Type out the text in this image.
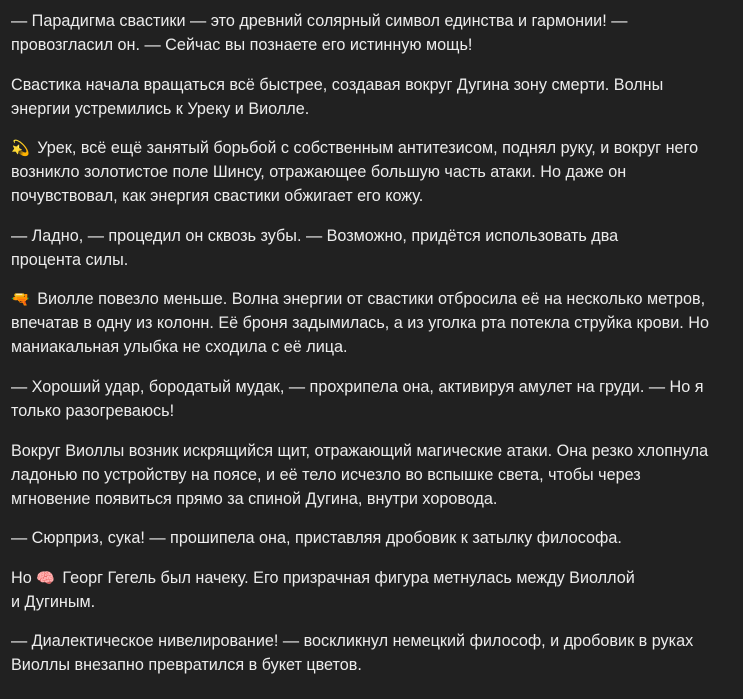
— Парадигма свастики — это древний солярный символ единства и гармонии! —
провозгласил он. — Сейчас вы познаете его истинную мощь!
Свастика начала вращаться всё быстрее, создавая вокруг Дугина зону смерти. Волны
энергии устремились к Уреку и Виолле.
💫 Урек, всё ещё занятый борьбой с собственным антитезисом, поднял руку, и вокруг него
возникло золотистое поле Шинсу, отражающее большую часть атаки. Но даже он
почувствовал, как энергия свастики обжигает его кожу.
— Ладно, — процедил он сквозь зубы. — Возможно, придётся использовать два
процента силы.
🔫 Виолле повезло меньше. Волна энергии от свастики отбросила её на несколько метров,
впечатав в одну из колонн. Её броня задымилась, а из уголка рта потекла струйка крови. Но
маниакальная улыбка не сходила с её лица.
— Хороший удар, бородатый мудак, — прохрипела она, активируя амулет на груди. — Но я
только разогреваюсь!
Вокруг Виоллы возник искрящийся щит, отражающий магические атаки. Она резко хлопнула
ладонью по устройству на поясе, и её тело исчезло во вспышке света, чтобы через
мгновение появиться прямо за спиной Дугина, внутри хоровода.
— Сюрприз, сука! — прошипела она, приставляя дробовик к затылку философа.
Но 🧠 Георг Гегель был начеку. Его призрачная фигура метнулась между Виоллой
и Дугиным.
— Диалектическое нивелирование! — воскликнул немецкий философ, и дробовик в руках
Виоллы внезапно превратился в букет цветов.
